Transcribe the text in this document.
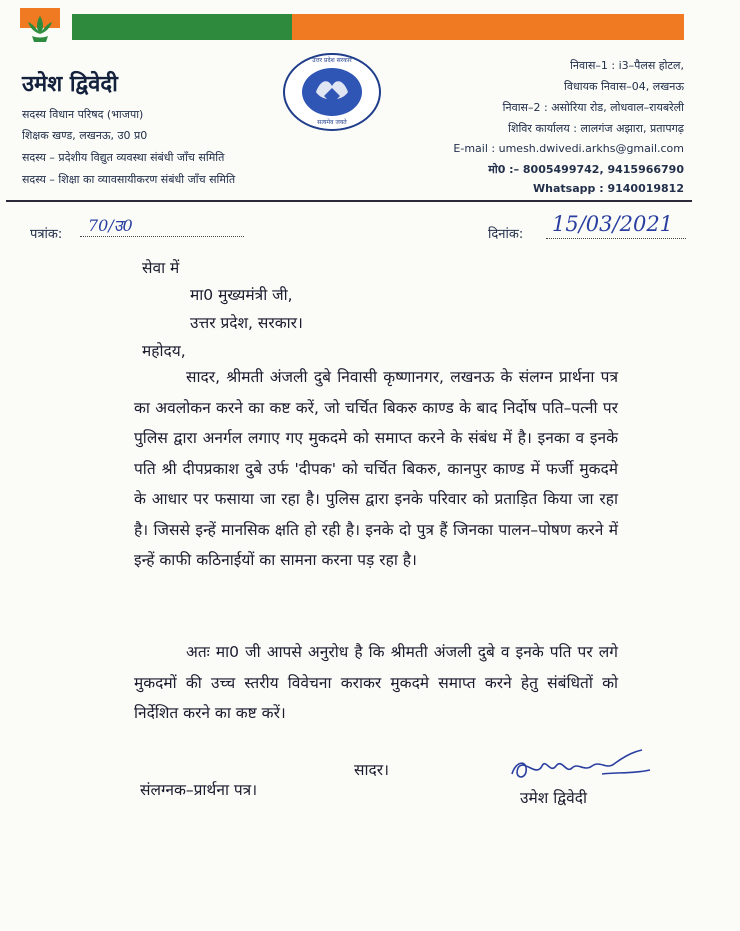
उमेश द्विवेदी
सदस्य विधान परिषद (भाजपा)
शिक्षक खण्ड, लखनऊ, उ0 प्र0
सदस्य – प्रदेशीय विद्युत व्यवस्था संबंधी जाँच समिति
सदस्य – शिक्षा का व्यावसायीकरण संबंधी जाँच समिति
उत्तर प्रदेश सरकार
सत्यमेव जयते
निवास–1 : i3–पैलस होटल,
विधायक निवास–04, लखनऊ
निवास–2 : असोरिया रोड, लोधवाल–रायबरेली
शिविर कार्यालय : लालगंज अझारा, प्रतापगढ़
E-mail : umesh.dwivedi.arkhs@gmail.com
मो0 :– 8005499742, 9415966790
Whatsapp : 9140019812
पत्रांक: 70/उ0	दिनांक: 15/03/2021
सेवा में
मा0 मुख्यमंत्री जी,
उत्तर प्रदेश, सरकार।
महोदय,
सादर, श्रीमती अंजली दुबे निवासी कृष्णानगर, लखनऊ के संलग्न प्रार्थना पत्र का अवलोकन करने का कष्ट करें, जो चर्चित बिकरु काण्ड के बाद निर्दोष पति–पत्नी पर पुलिस द्वारा अनर्गल लगाए गए मुकदमे को समाप्त करने के संबंध में है। इनका व इनके पति श्री दीपप्रकाश दुबे उर्फ 'दीपक' को चर्चित बिकरु, कानपुर काण्ड में फर्जी मुकदमे के आधार पर फसाया जा रहा है। पुलिस द्वारा इनके परिवार को प्रताड़ित किया जा रहा है। जिससे इन्हें मानसिक क्षति हो रही है। इनके दो पुत्र हैं जिनका पालन–पोषण करने में इन्हें काफी कठिनाईयों का सामना करना पड़ रहा है।
अतः मा0 जी आपसे अनुरोध है कि श्रीमती अंजली दुबे व इनके पति पर लगे मुकदमों की उच्च स्तरीय विवेचना कराकर मुकदमे समाप्त करने हेतु संबंधितों को निर्देशित करने का कष्ट करें।
सादर।
संलग्नक–प्रार्थना पत्र।	उमेश द्विवेदी
